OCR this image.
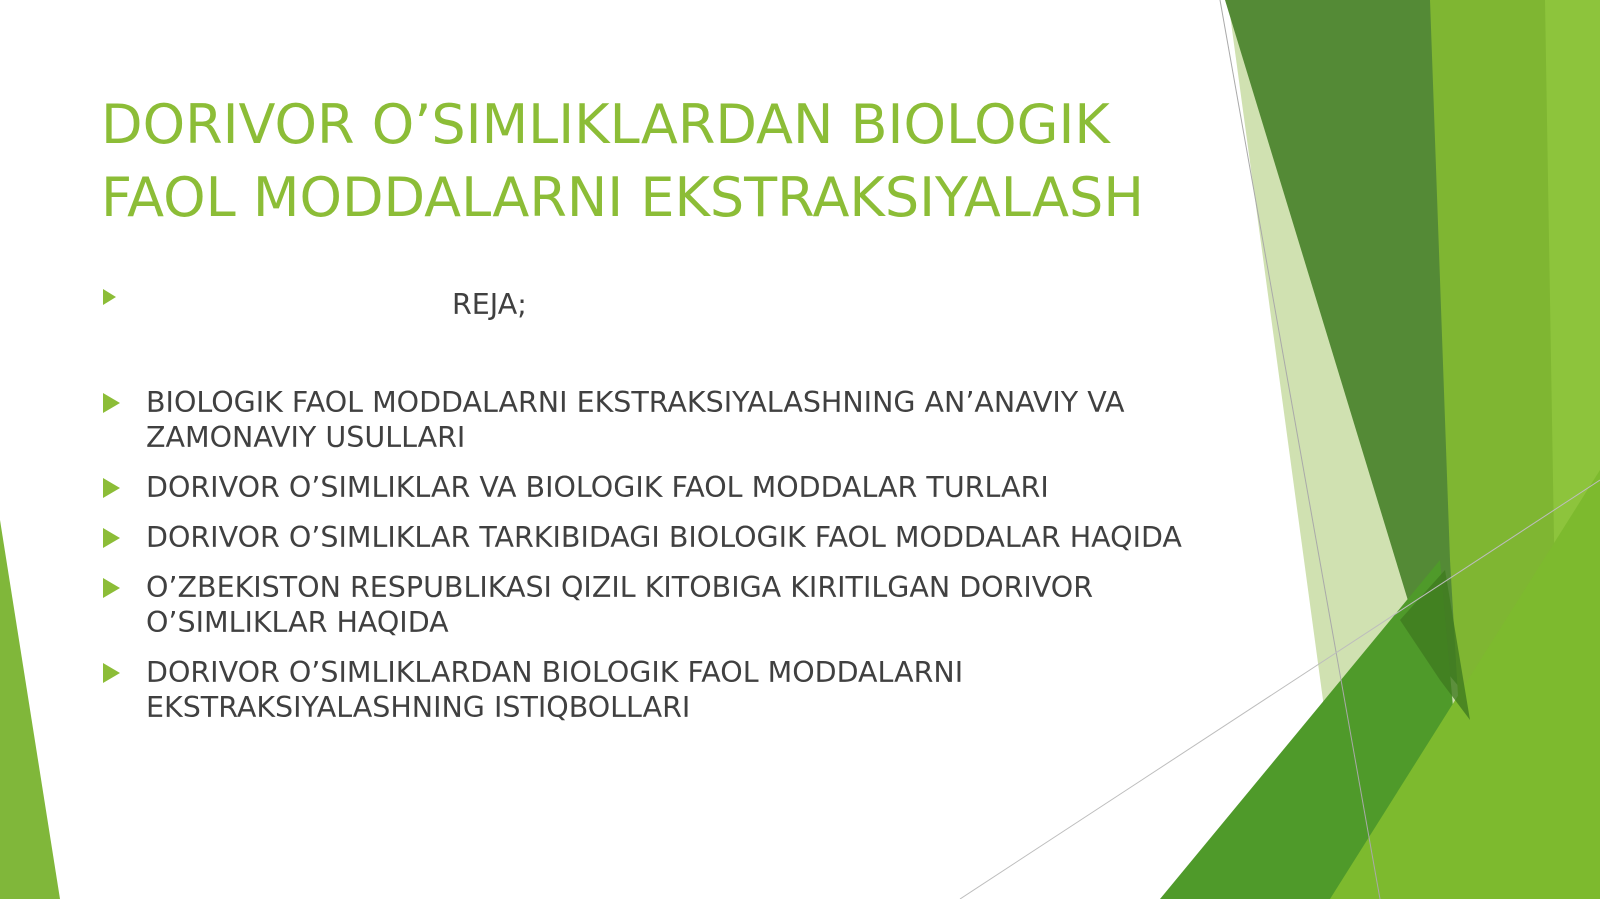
DORIVOR O’SIMLIKLARDAN BIOLOGIK
FAOL MODDALARNI EKSTRAKSIYALASH
REJA;
BIOLOGIK FAOL MODDALARNI EKSTRAKSIYALASHNING AN’ANAVIY VA ZAMONAVIY USULLARI
DORIVOR O’SIMLIKLAR VA BIOLOGIK FAOL MODDALAR TURLARI
DORIVOR O’SIMLIKLAR TARKIBIDAGI BIOLOGIK FAOL MODDALAR HAQIDA
O’ZBEKISTON RESPUBLIKASI QIZIL KITOBIGA KIRITILGAN DORIVOR O’SIMLIKLAR HAQIDA
DORIVOR O’SIMLIKLARDAN BIOLOGIK FAOL MODDALARNI EKSTRAKSIYALASHNING ISTIQBOLLARI
